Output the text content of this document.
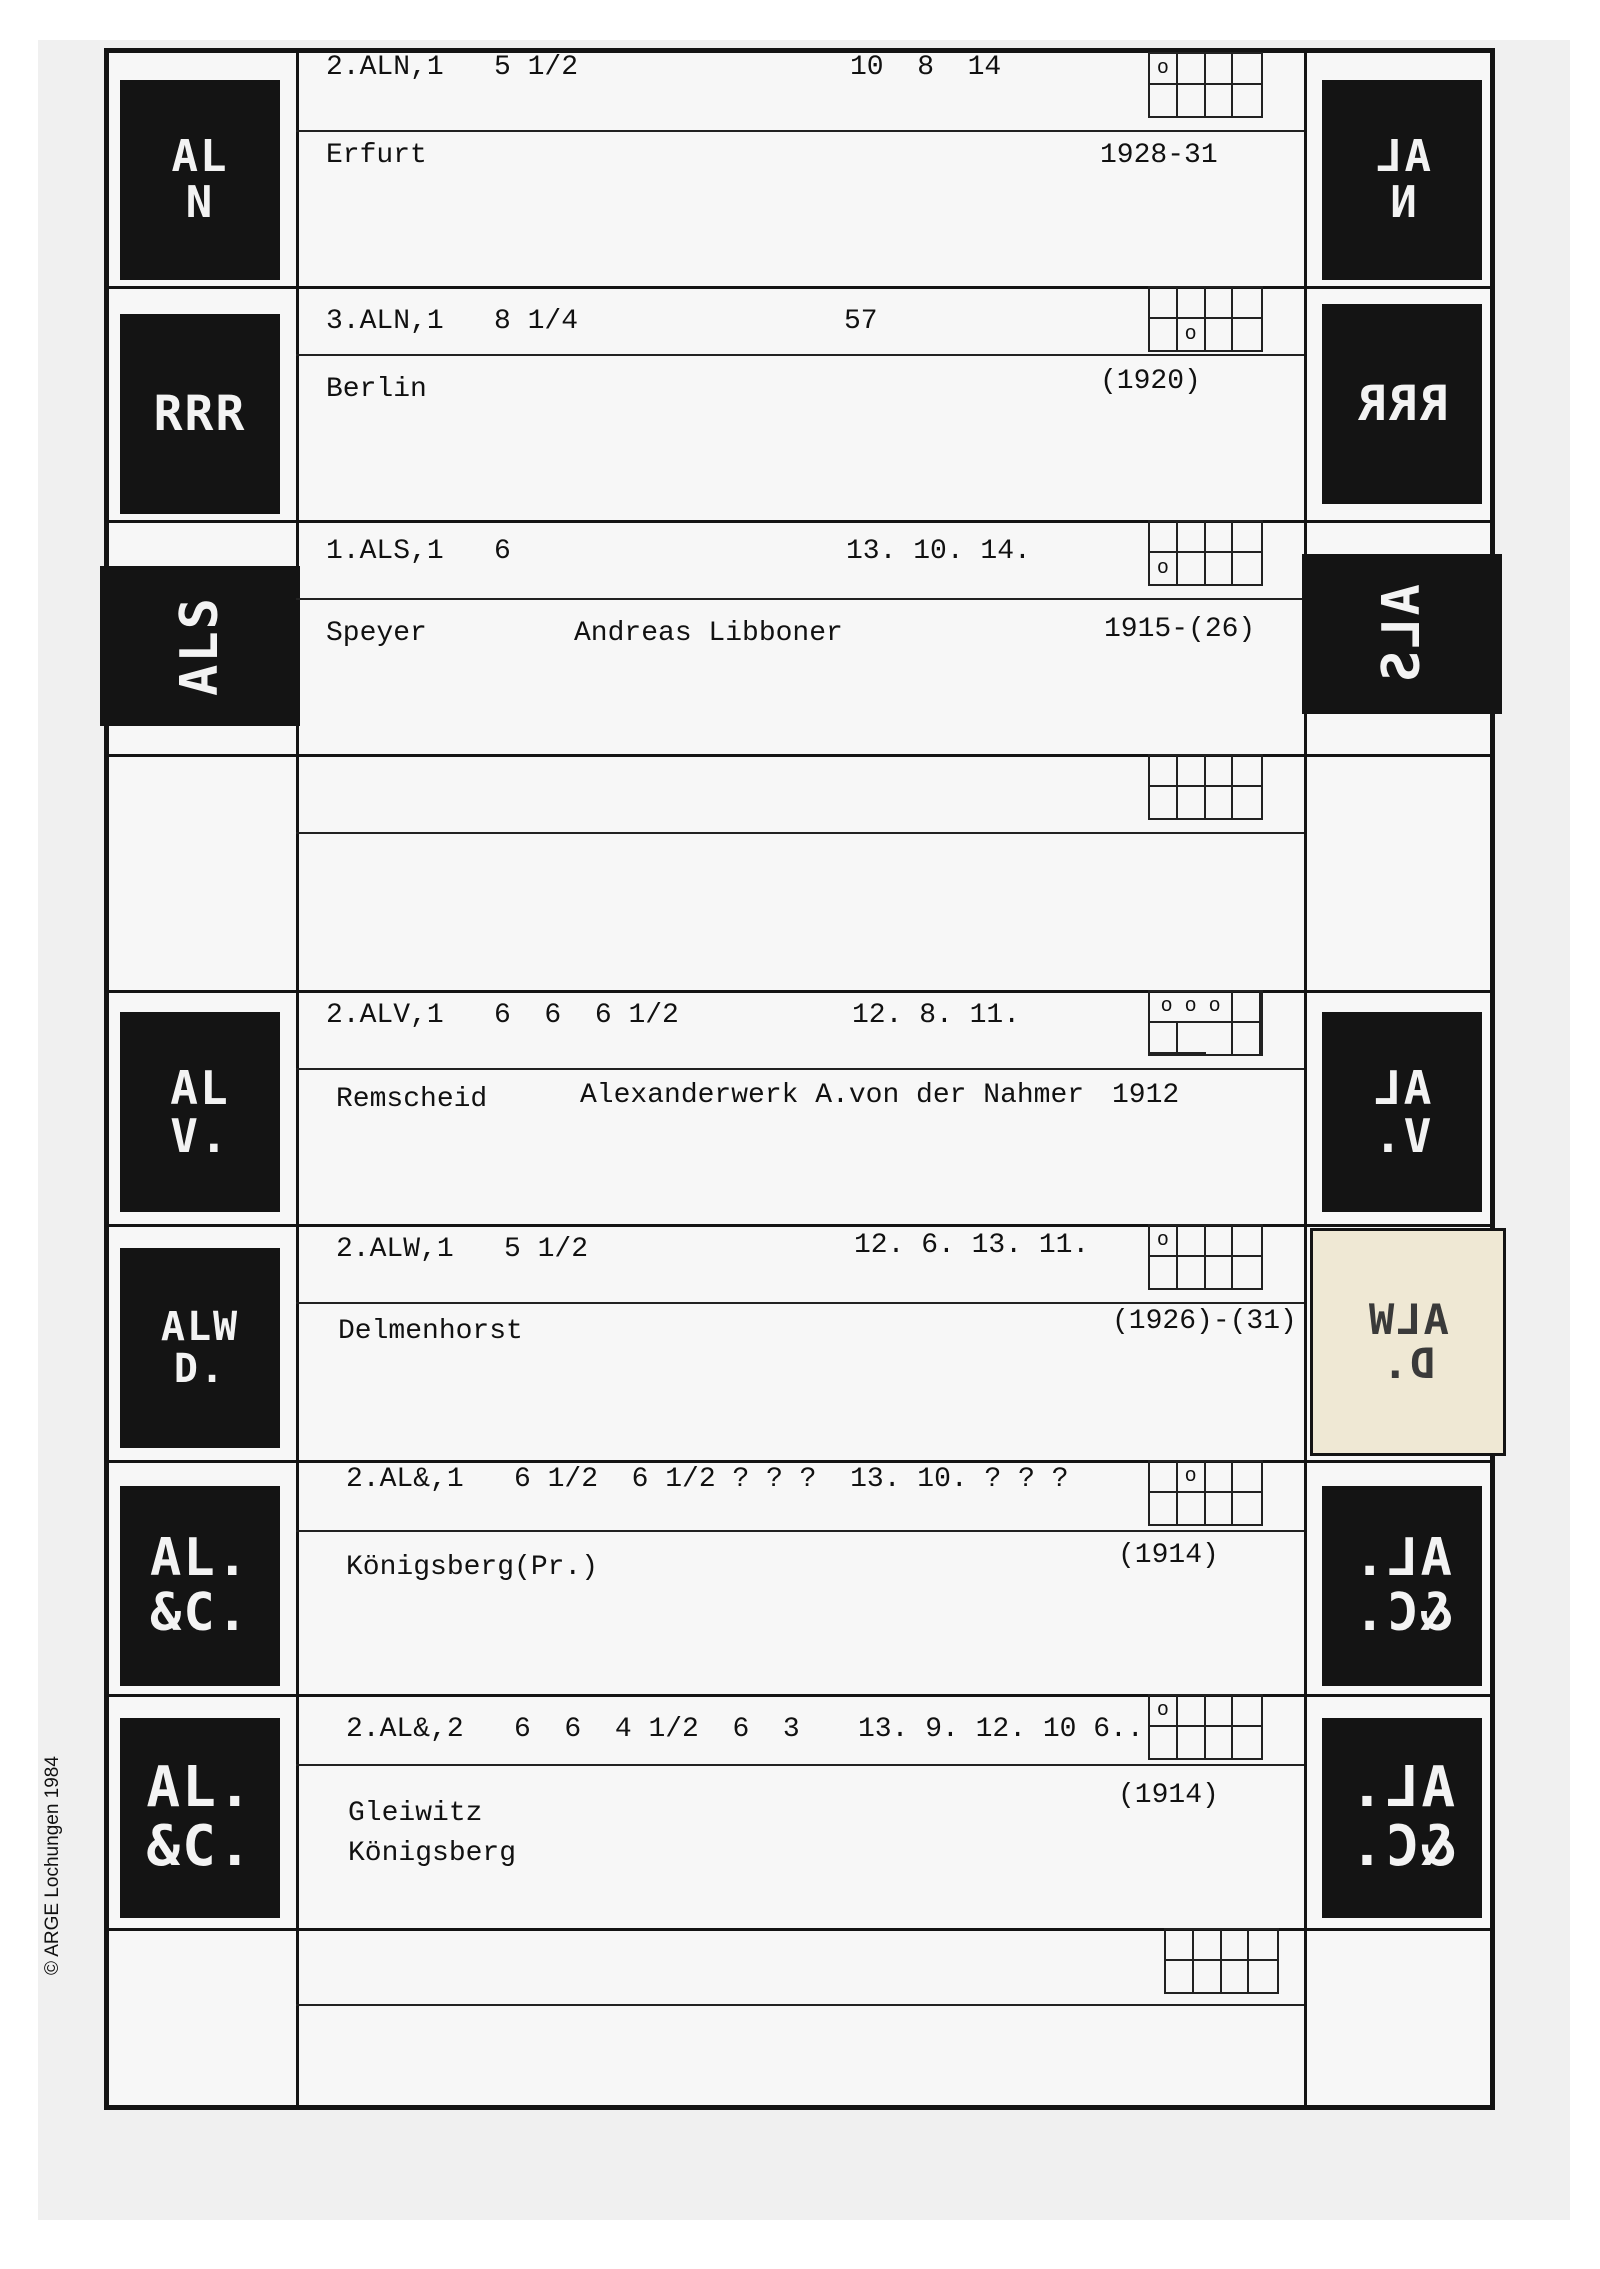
AL
N
2.ALN,1   5 1/2	10  8  14	o
Erfurt	1928-31	AL
N
RRR
3.ALN,1   8 1/4	57	o
Berlin	(1920)	RRR
ALS
1.ALS,1   6	13. 10. 14.
o
Speyer	Andreas Libboner	1915-(26) ALS
AL
V.
2.ALV,1   6  6  6 1/2	12. 8. 11.	o o o
Remscheid	Alexanderwerk A.von der Nahmer 1912	AL
V.
ALW
D.
2.ALW,1   5 1/2	12. 6. 13. 11.	o
Delmenhorst	(1926)-(31) ALW
D.
AL.
&C.
2.AL&,1   6 1/2  6 1/2 ? ? ?  13. 10. ? ? ?	o
Königsberg(Pr.)	(1914)	AL.
&C.
AL.
&C.
2.AL&,2   6  6  4 1/2  6  3 13. 9. 12. 10 6..
o
Gleiwitz
Königsberg
(1914) AL.
&C.
© ARGE Lochungen 1984
